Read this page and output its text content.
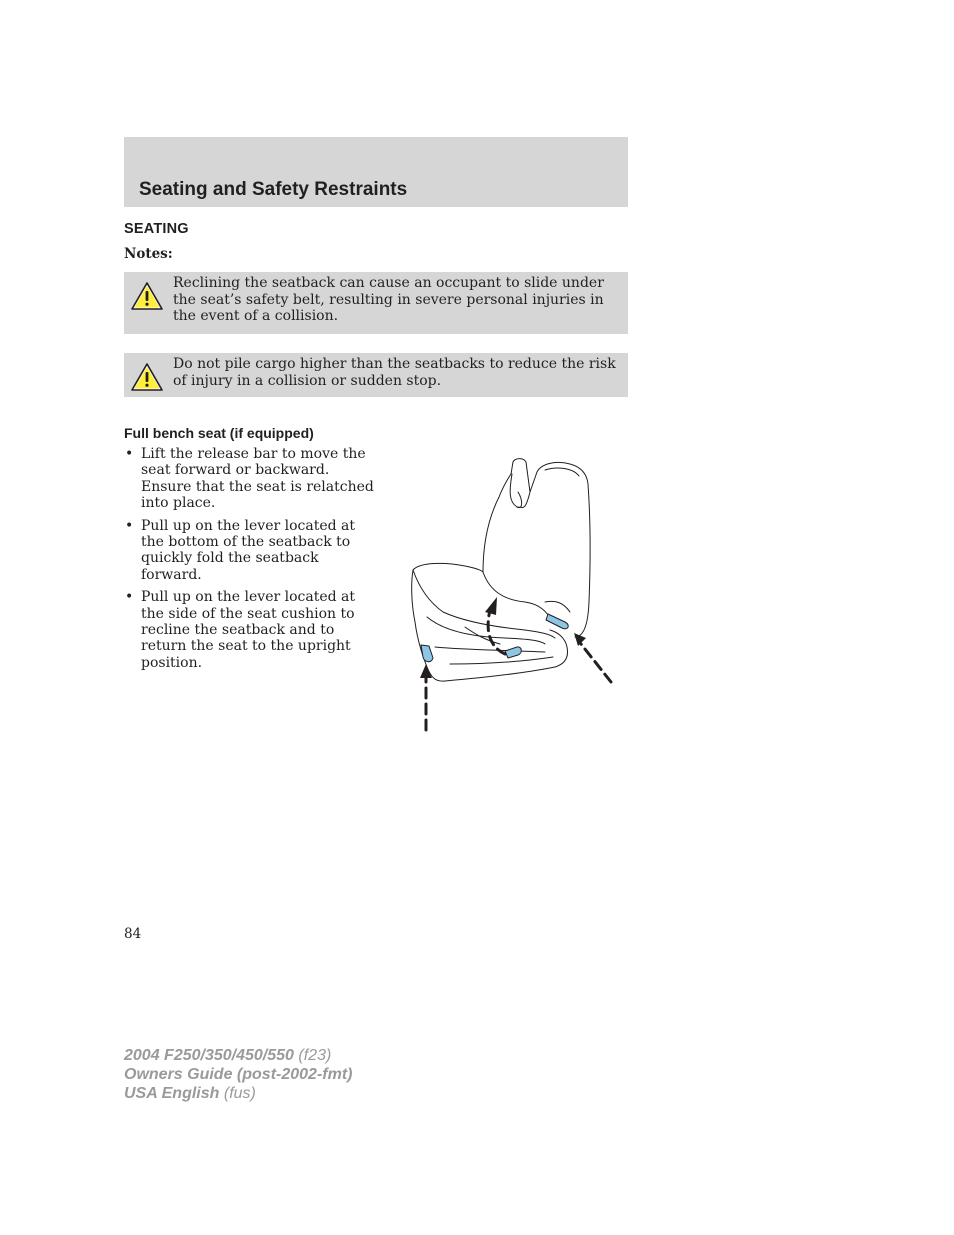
Seating and Safety Restraints
SEATING
Notes:
Reclining the seatback can cause an occupant to slide under the seat’s safety belt, resulting in severe personal injuries in the event of a collision.
Do not pile cargo higher than the seatbacks to reduce the risk of injury in a collision or sudden stop.
Full bench seat (if equipped)
• Lift the release bar to move the seat forward or backward. Ensure that the seat is relatched into place.
• Pull up on the lever located at the bottom of the seatback to quickly fold the seatback forward.
• Pull up on the lever located at the side of the seat cushion to recline the seatback and to return the seat to the upright position.
84
2004 F250/350/450/550 (f23)
Owners Guide (post-2002-fmt)
USA English (fus)
